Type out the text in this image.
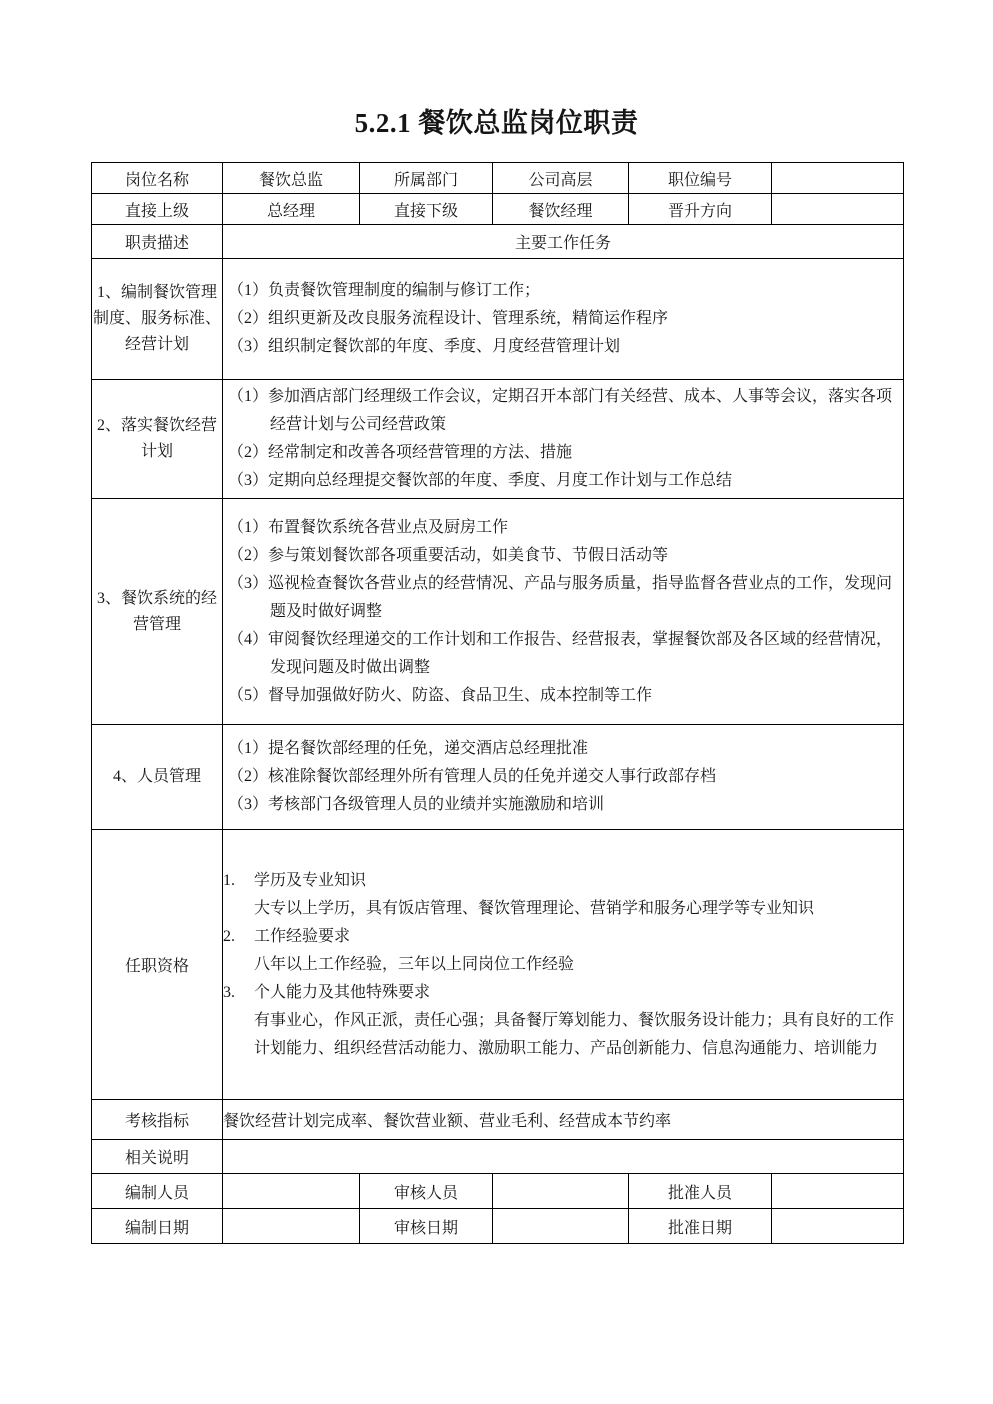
5.2.1 餐饮总监岗位职责
岗位名称	餐饮总监	所属部门	公司高层	职位编号	
直接上级	总经理	直接下级	餐饮经理	晋升方向	
职责描述	主要工作任务				
1、编制餐饮管理制度、服务标准、经营计划	（1）负责餐饮管理制度的编制与修订工作；
（2）组织更新及改良服务流程设计、管理系统，精简运作程序
（3）组织制定餐饮部的年度、季度、月度经营管理计划				

2、落实餐饮经营计划	（1）参加酒店部门经理级工作会议，定期召开本部门有关经营、成本、人事等会议，落实各项经营计划与公司经营政策
（2）经常制定和改善各项经营管理的方法、措施
（3）定期向总经理提交餐饮部的年度、季度、月度工作计划与工作总结				

3、餐饮系统的经营管理	（1）布置餐饮系统各营业点及厨房工作
（2）参与策划餐饮部各项重要活动，如美食节、节假日活动等
（3）巡视检查餐饮各营业点的经营情况、产品与服务质量，指导监督各营业点的工作，发现问题及时做好调整
（4）审阅餐饮经理递交的工作计划和工作报告、经营报表，掌握餐饮部及各区域的经营情况，发现问题及时做出调整
（5）督导加强做好防火、防盗、食品卫生、成本控制等工作				

4、人员管理	（1）提名餐饮部经理的任免，递交酒店总经理批准
（2）核准除餐饮部经理外所有管理人员的任免并递交人事行政部存档
（3）考核部门各级管理人员的业绩并实施激励和培训				

任职资格	
1.	学历及专业知识
大专以上学历，具有饭店管理、餐饮管理理论、营销学和服务心理学等专业知识
2.	工作经验要求
八年以上工作经验，三年以上同岗位工作经验
3.	个人能力及其他特殊要求
有事业心，作风正派，责任心强；具备餐厅筹划能力、餐饮服务设计能力；具有良好的工作计划能力、组织经营活动能力、激励职工能力、产品创新能力、信息沟通能力、培训能力

考核指标	餐饮经营计划完成率、餐饮营业额、营业毛利、经营成本节约率				
相关说明					
编制人员		审核人员		批准人员	
编制日期		审核日期		批准日期	
